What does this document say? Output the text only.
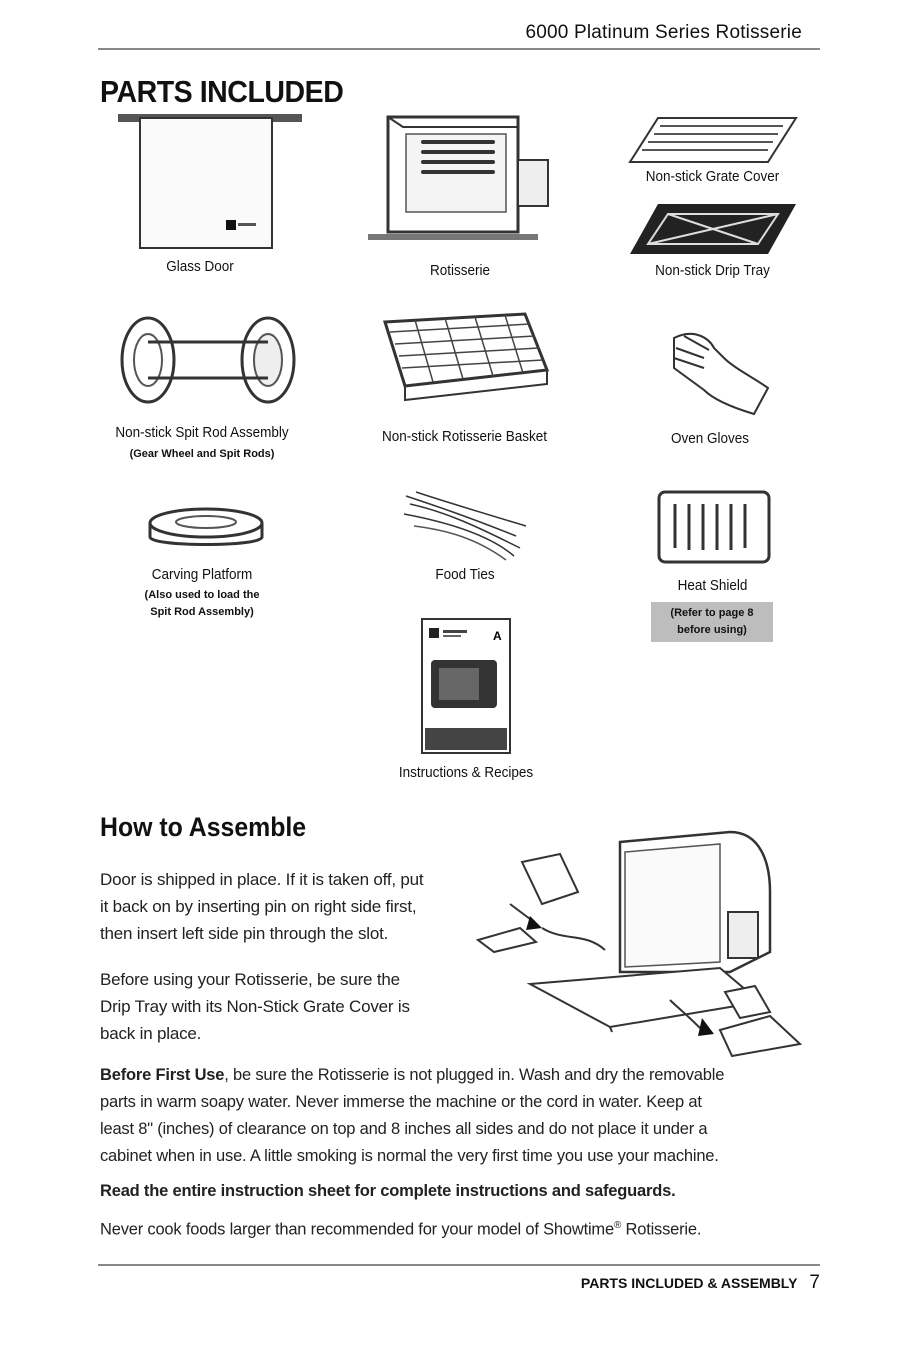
6000 Platinum Series Rotisserie
PARTS INCLUDED
Glass Door	Rotisserie
Non-stick Grate Cover
Non-stick Drip Tray
Non-stick Spit Rod Assembly
(Gear Wheel and Spit Rods)
Non-stick Rotisserie Basket	Oven Gloves
Carving Platform
(Also used to load the
Spit Rod Assembly)
Food Ties
Heat Shield
(Refer to page 8
before using)
A
Instructions & Recipes
How to Assemble
Door is shipped in place. If it is taken off, put
it back on by inserting pin on right side first,
then insert left side pin through the slot.
Before using your Rotisserie, be sure the
Drip Tray with its Non-Stick Grate Cover is
back in place.
Before First Use, be sure the Rotisserie is not plugged in. Wash and dry the removable
parts in warm soapy water. Never immerse the machine or the cord in water. Keep at
least 8" (inches) of clearance on top and 8 inches all sides and do not place it under a
cabinet when in use. A little smoking is normal the very first time you use your machine.
Read the entire instruction sheet for complete instructions and safeguards.
Never cook foods larger than recommended for your model of Showtime® Rotisserie.
PARTS INCLUDED & ASSEMBLY 7
